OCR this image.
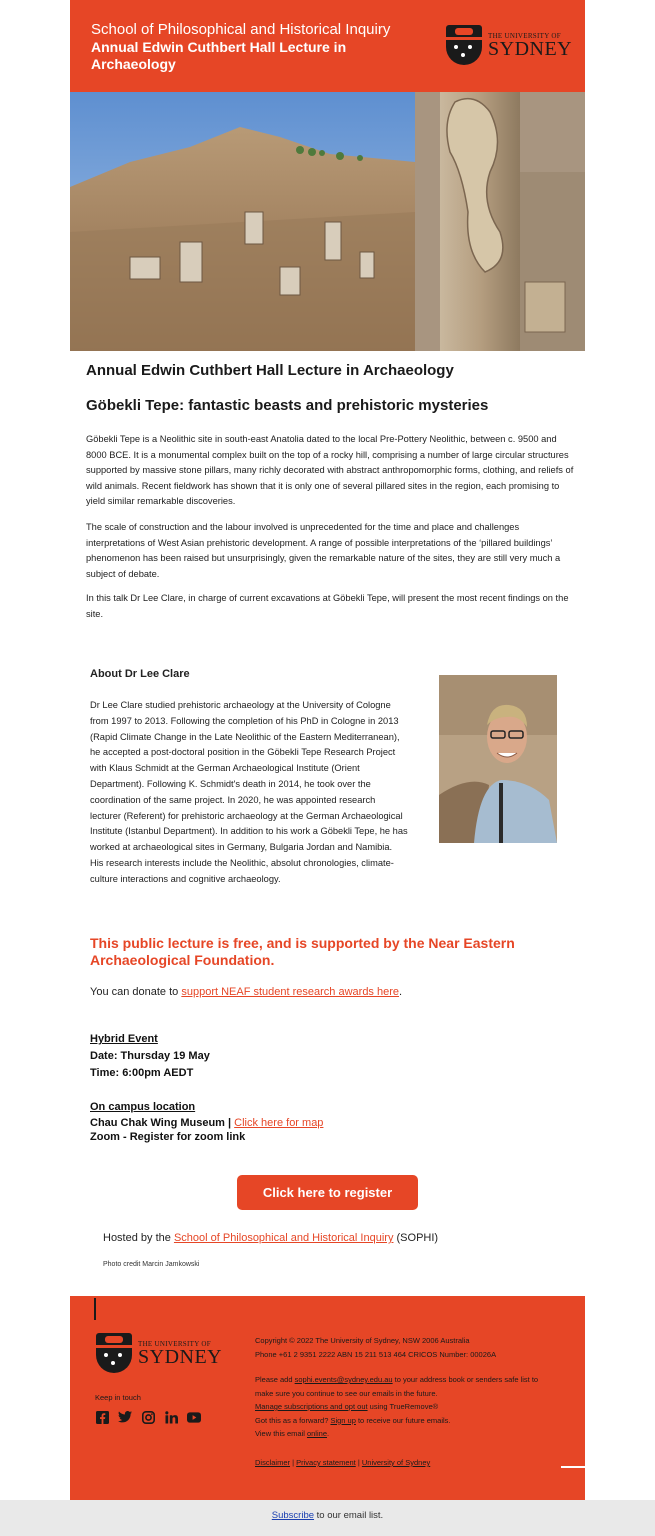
School of Philosophical and Historical Inquiry
Annual Edwin Cuthbert Hall Lecture in Archaeology
THE UNIVERSITY OF
SYDNEY
Annual Edwin Cuthbert Hall Lecture in Archaeology
Göbekli Tepe: fantastic beasts and prehistoric mysteries
Göbekli Tepe is a Neolithic site in south-east Anatolia dated to the local Pre-Pottery Neolithic, between c. 9500 and 8000 BCE. It is a monumental complex built on the top of a rocky hill, comprising a number of large circular structures supported by massive stone pillars, many richly decorated with abstract anthropomorphic forms, clothing, and reliefs of wild animals. Recent fieldwork has shown that it is only one of several pillared sites in the region, each promising to yield similar remarkable discoveries.
The scale of construction and the labour involved is unprecedented for the time and place and challenges interpretations of West Asian prehistoric development. A range of possible interpretations of the ‘pillared buildings’ phenomenon has been raised but unsurprisingly, given the remarkable nature of the sites, they are still very much a subject of debate.
In this talk Dr Lee Clare, in charge of current excavations at Göbekli Tepe, will present the most recent findings on the site.
About Dr Lee Clare
Dr Lee Clare studied prehistoric archaeology at the University of Cologne from 1997 to 2013. Following the completion of his PhD in Cologne in 2013 (Rapid Climate Change in the Late Neolithic of the Eastern Mediterranean), he accepted a post-doctoral position in the Göbekli Tepe Research Project with Klaus Schmidt at the German Archaeological Institute (Orient Department). Following K. Schmidt's death in 2014, he took over the coordination of the same project. In 2020, he was appointed research lecturer (Referent) for prehistoric archaeology at the German Archaeological Institute (Istanbul Department). In addition to his work a Göbekli Tepe, he has worked at archaeological sites in Germany, Bulgaria Jordan and Namibia. His research interests include the Neolithic, absolut chronologies, climate-culture interactions and cognitive archaeology.
This public lecture is free, and is supported by the Near Eastern Archaeological Foundation.
You can donate to support NEAF student research awards here.
Hybrid Event
Date: Thursday 19 May
Time: 6:00pm AEDT
On campus location
Chau Chak Wing Museum | Click here for map
Zoom - Register for zoom link
Click here to register
Hosted by the School of Philosophical and Historical Inquiry (SOPHI)
Photo credit Marcin Jamkowski
THE UNIVERSITY OF
SYDNEY
Keep in touch
Copyright © 2022 The University of Sydney, NSW 2006 Australia
Phone +61 2 9351 2222 ABN 15 211 513 464 CRICOS Number: 00026A
Please add sophi.events@sydney.edu.au to your address book or senders safe list to make sure you continue to see our emails in the future.
Manage subscriptions and opt out using TrueRemove®
Got this as a forward? Sign up to receive our future emails.
View this email online.
Disclaimer | Privacy statement | University of Sydney
Subscribe to our email list.
